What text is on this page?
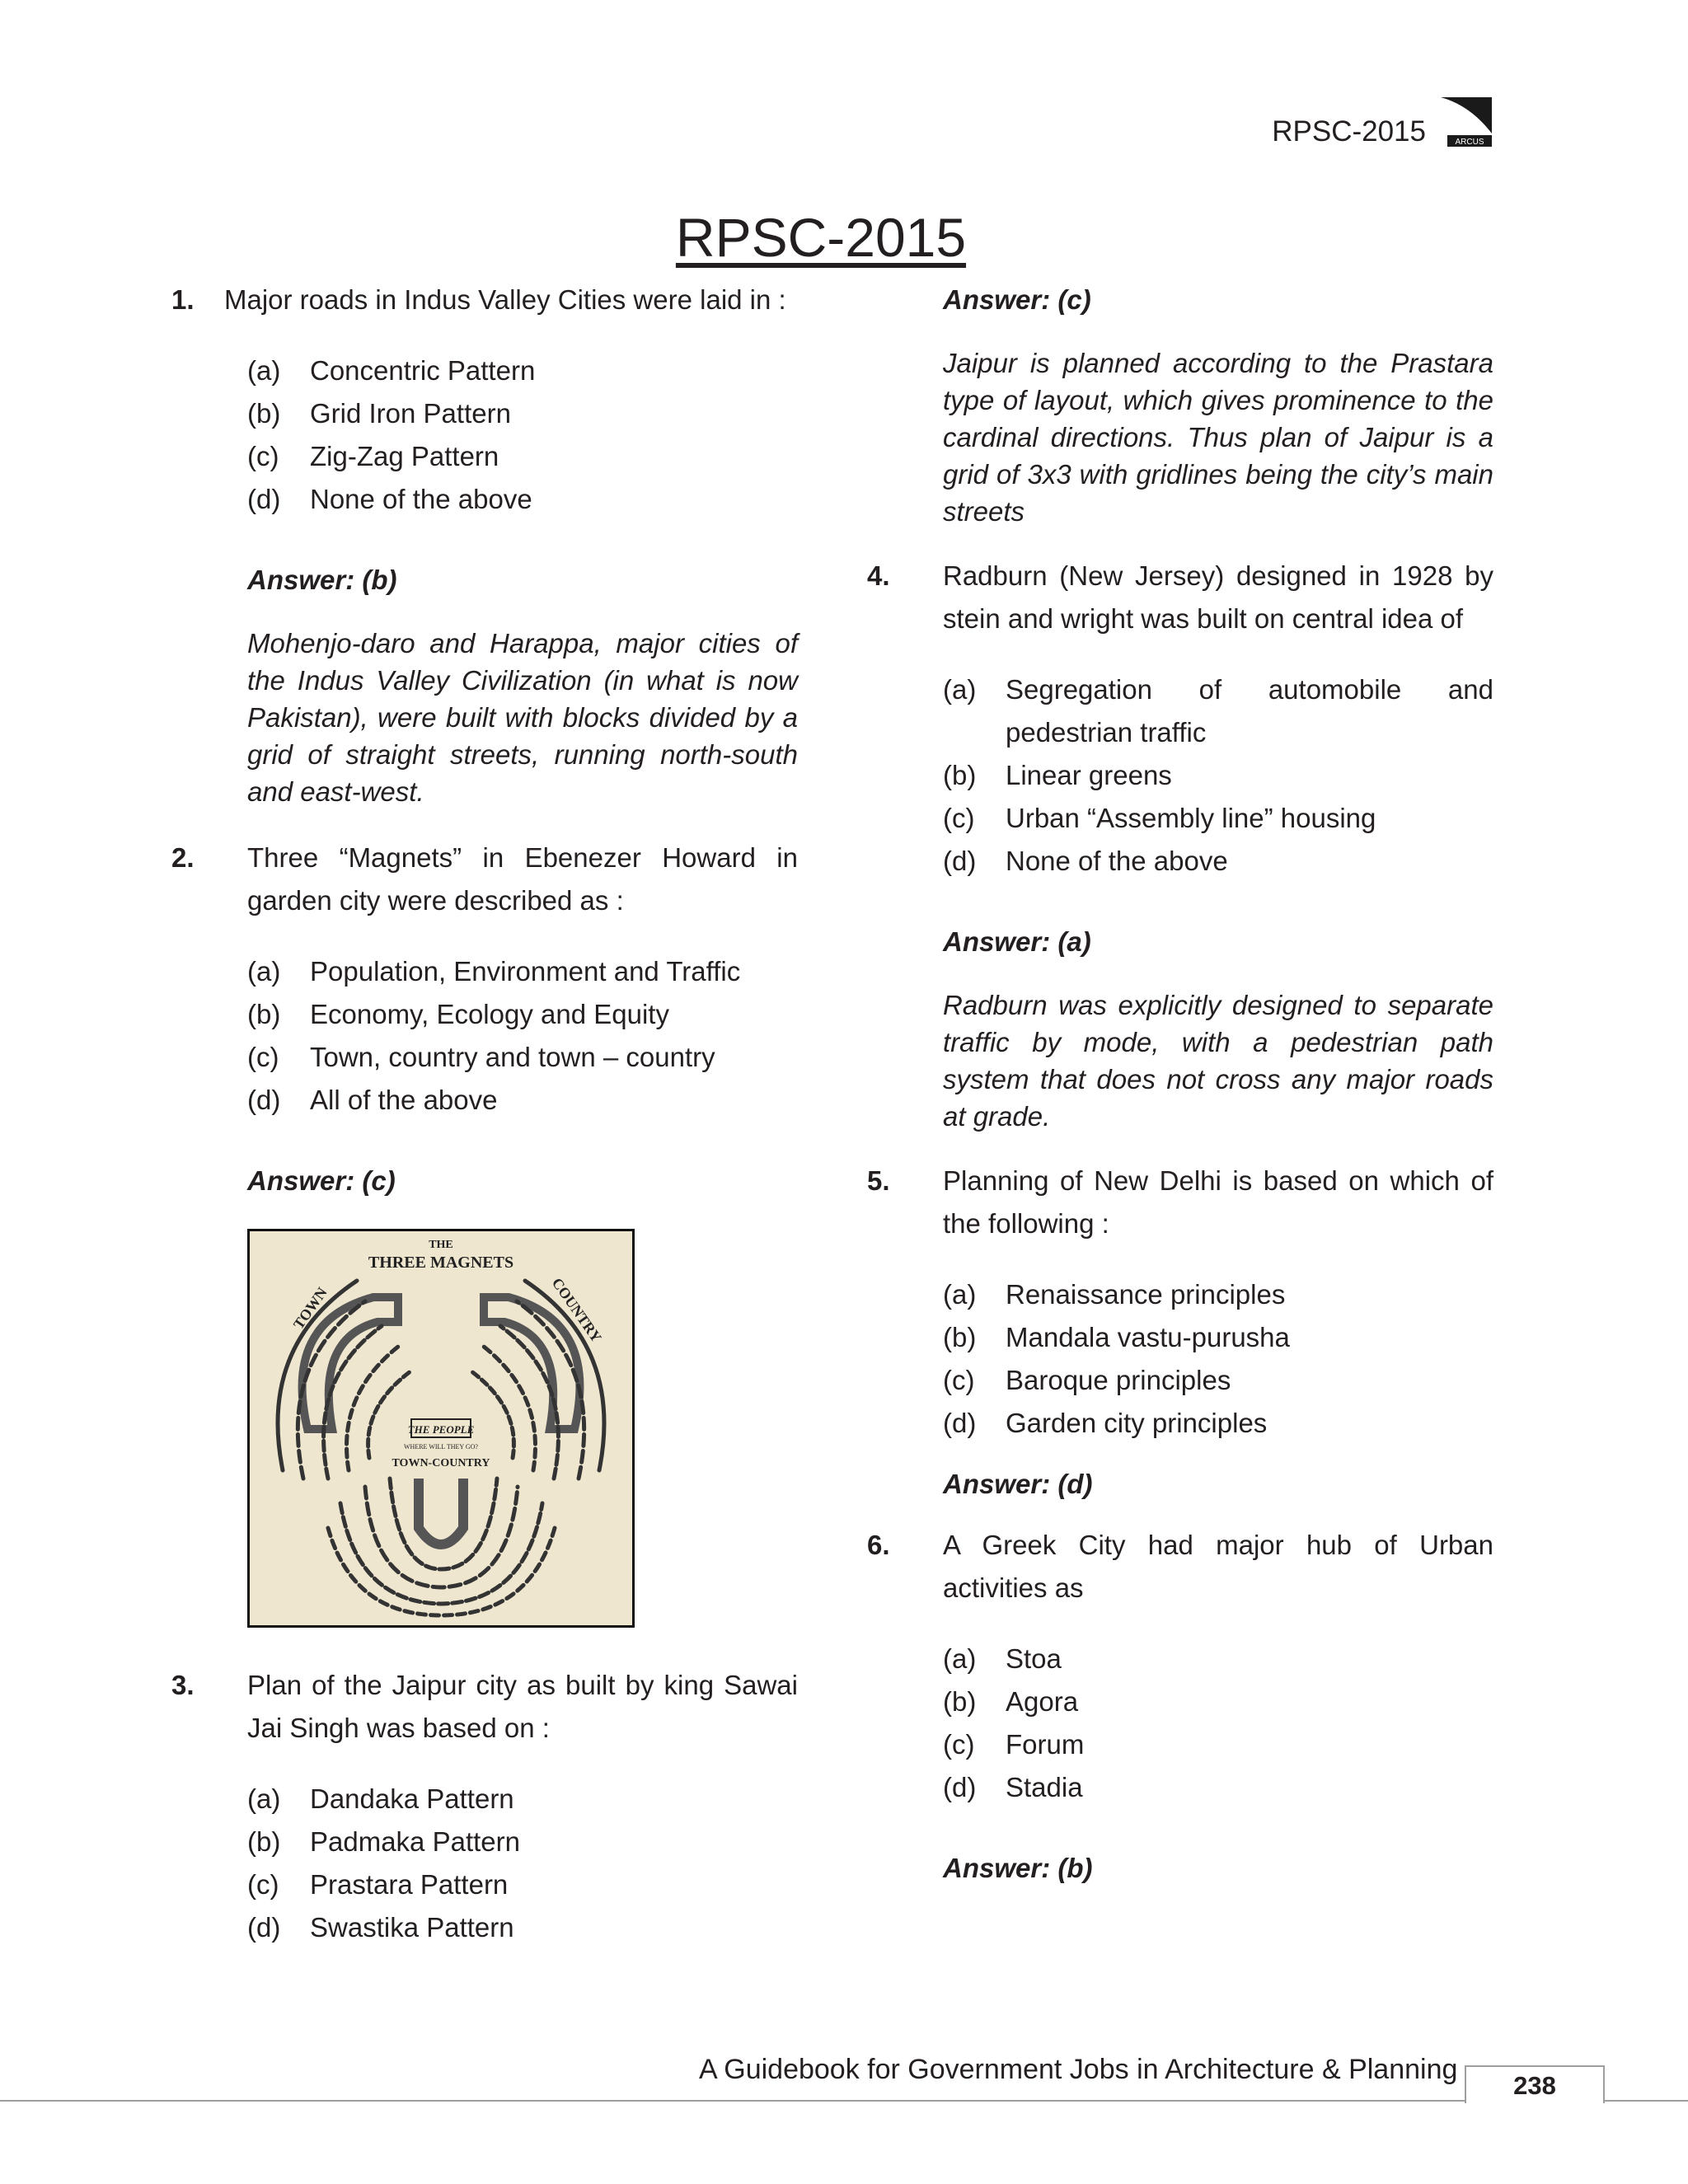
RPSC-2015	ARCUS
RPSC-2015
1. Major roads in Indus Valley Cities were laid in :
(a) Concentric Pattern
(b) Grid Iron Pattern
(c) Zig-Zag Pattern
(d) None of the above
Answer: (b)
Mohenjo-daro and Harappa, major cities of the Indus Valley Civilization (in what is now Pakistan), were built with blocks divided by a grid of straight streets, running north-south and east-west.
2. Three “Magnets” in Ebenezer Howard in garden city were described as :
(a) Population, Environment and Traffic
(b) Economy, Ecology and Equity
(c) Town, country and town – country
(d) All of the above
Answer: (c)
THE
THREE MAGNETS
TOWN	COUNTRY
THE PEOPLE
WHERE WILL THEY GO?
TOWN-COUNTRY
3. Plan of the Jaipur city as built by king Sawai Jai Singh was based on :
(a) Dandaka Pattern
(b) Padmaka Pattern
(c) Prastara Pattern
(d) Swastika Pattern
Answer: (c)
Jaipur is planned according to the Prastara type of layout, which gives prominence to the cardinal directions. Thus plan of Jaipur is a grid of 3x3 with gridlines being the city’s main streets
4. Radburn (New Jersey) designed in 1928 by stein and wright was built on central idea of
(a) Segregation of automobile and pedestrian traffic
(b) Linear greens
(c) Urban “Assembly line” housing
(d) None of the above
Answer: (a)
Radburn was explicitly designed to separate traffic by mode, with a pedestrian path system that does not cross any major roads at grade.
5. Planning of New Delhi is based on which of the following :
(a) Renaissance principles
(b) Mandala vastu-purusha
(c) Baroque principles
(d) Garden city principles
Answer: (d)
6. A Greek City had major hub of Urban activities as
(a) Stoa
(b) Agora
(c) Forum
(d) Stadia
Answer: (b)
A Guidebook for Government Jobs in Architecture & Planning
238
